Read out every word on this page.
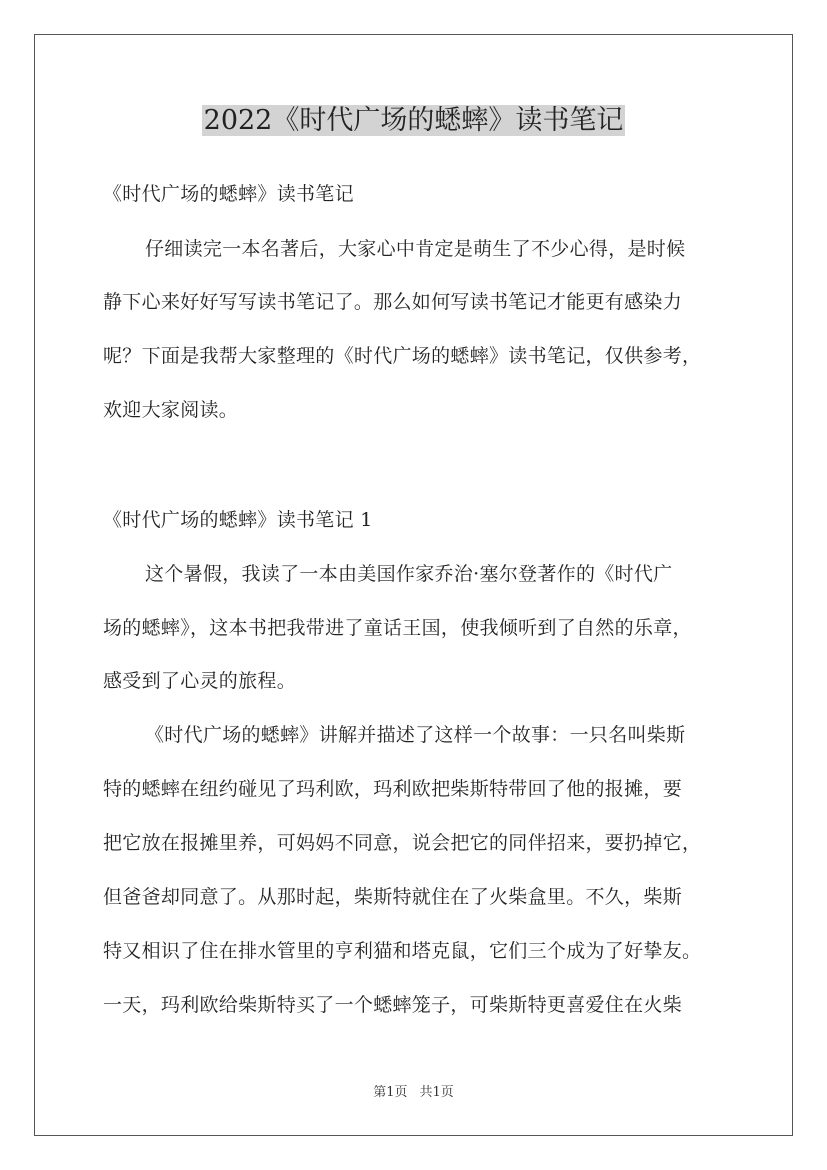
2022《时代广场的蟋蟀》读书笔记
《时代广场的蟋蟀》读书笔记
仔细读完一本名著后，大家心中肯定是萌生了不少心得，是时候
静下心来好好写写读书笔记了。那么如何写读书笔记才能更有感染力
呢？下面是我帮大家整理的《时代广场的蟋蟀》读书笔记，仅供参考，
欢迎大家阅读。
《时代广场的蟋蟀》读书笔记 1
这个暑假，我读了一本由美国作家乔治·塞尔登著作的《时代广
场的蟋蟀》，这本书把我带进了童话王国，使我倾听到了自然的乐章，
感受到了心灵的旅程。
《时代广场的蟋蟀》讲解并描述了这样一个故事：一只名叫柴斯
特的蟋蟀在纽约碰见了玛利欧，玛利欧把柴斯特带回了他的报摊，要
把它放在报摊里养，可妈妈不同意，说会把它的同伴招来，要扔掉它，
但爸爸却同意了。从那时起，柴斯特就住在了火柴盒里。不久，柴斯
特又相识了住在排水管里的亨利猫和塔克鼠，它们三个成为了好挚友。
一天，玛利欧给柴斯特买了一个蟋蟀笼子，可柴斯特更喜爱住在火柴
第1页 共1页
